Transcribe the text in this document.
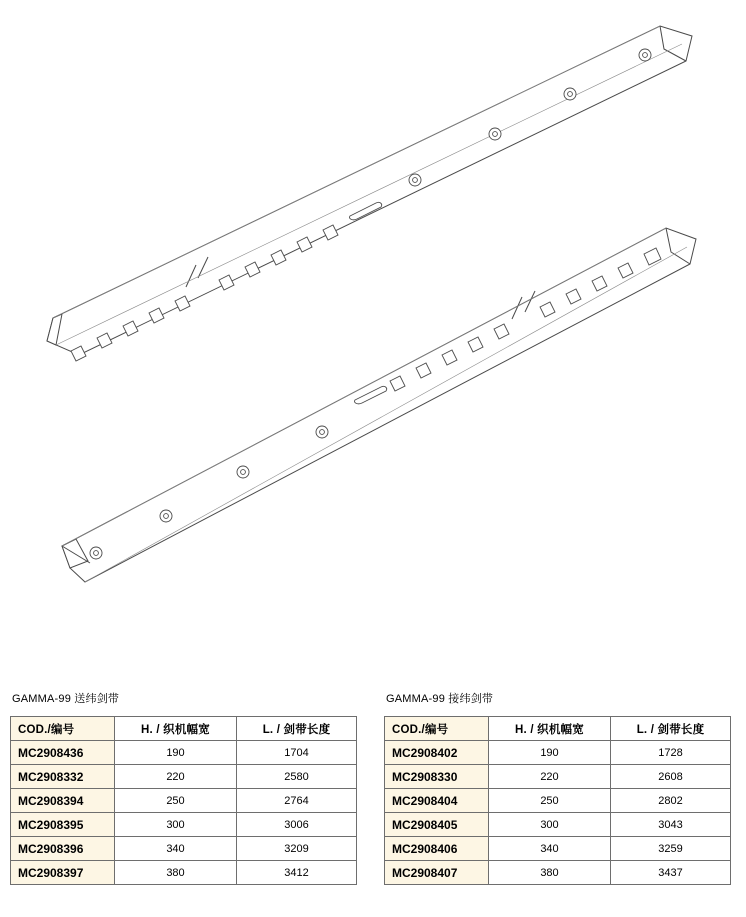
GAMMA-99 送纬剑带
COD./编号	H. / 织机幅宽	L. / 剑带长度
MC2908436	190	1704
MC2908332	220	2580
MC2908394	250	2764
MC2908395	300	3006
MC2908396	340	3209
MC2908397	380	3412
GAMMA-99 接纬剑带
COD./编号	H. / 织机幅宽	L. / 剑带长度
MC2908402	190	1728
MC2908330	220	2608
MC2908404	250	2802
MC2908405	300	3043
MC2908406	340	3259
MC2908407	380	3437
